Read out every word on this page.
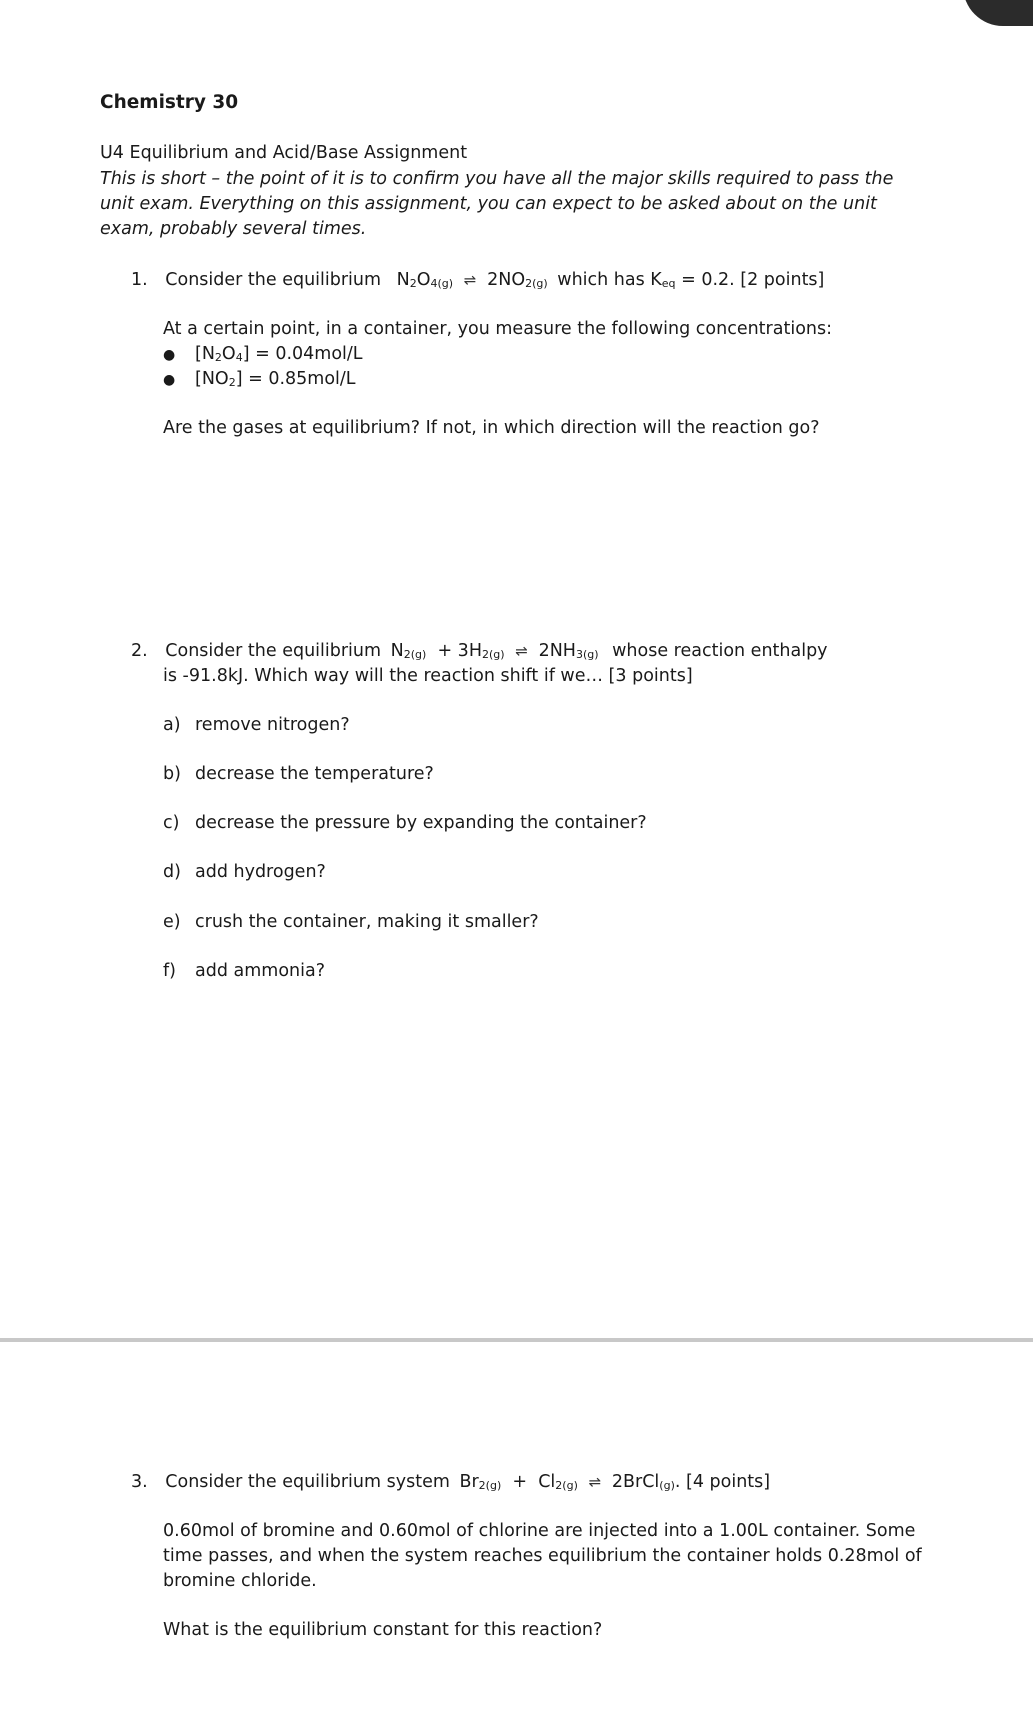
Chemistry 30
U4 Equilibrium and Acid/Base Assignment
This is short – the point of it is to confirm you have all the major skills required to pass the unit exam. Everything on this assignment, you can expect to be asked about on the unit exam, probably several times.
1. Consider the equilibrium $N_2O_{4(g)}$ ⇌ $2NO_{2(g)}$ which has $K_{eq} = 0.2$. [2 points]
At a certain point, in a container, you measure the following concentrations:
● $[N_2O_4] = 0.04mol/L$
● $[NO_2] = 0.85mol/L$
Are the gases at equilibrium? If not, in which direction will the reaction go?
2. Consider the equilibrium $N_{2(g)} + 3H_{2(g)}$ ⇌ $2NH_{3(g)}$ whose reaction enthalpy
is -91.8kJ. Which way will the reaction shift if we… [3 points]
a) remove nitrogen?
b) decrease the temperature?
c) decrease the pressure by expanding the container?
d) add hydrogen?
e) crush the container, making it smaller?
f) add ammonia?
3. Consider the equilibrium system $Br_{2(g)} + Cl_{2(g)}$ ⇌ 2BrCl$_{(g)}$. [4 points]
0.60mol of bromine and 0.60mol of chlorine are injected into a 1.00L container. Some time passes, and when the system reaches equilibrium the container holds 0.28mol of bromine chloride.
What is the equilibrium constant for this reaction?
